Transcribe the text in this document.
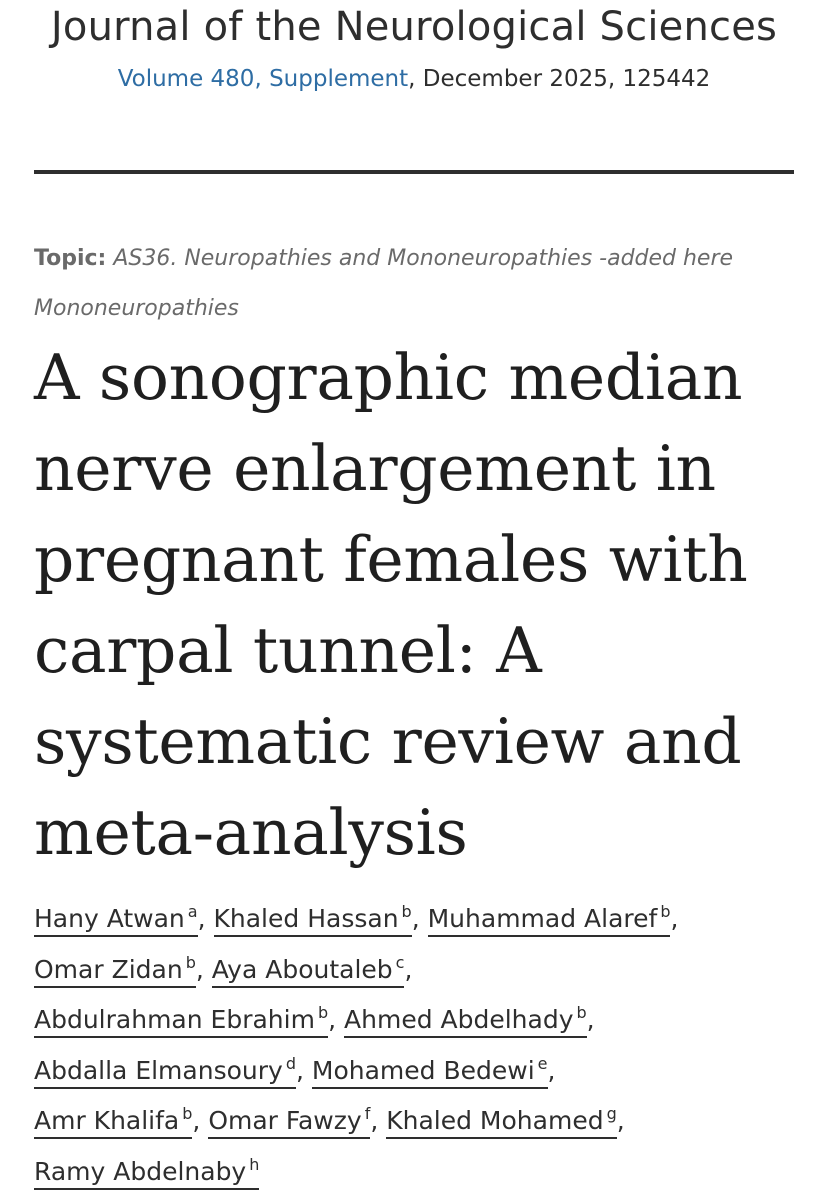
Journal of the Neurological Sciences
Volume 480, Supplement, December 2025, 125442
Topic: AS36. Neuropathies and Mononeuropathies -added here
Mononeuropathies
A sonographic median nerve enlargement in pregnant females with carpal tunnel: A systematic review and meta-analysis
Hany Atwan $^a$, Khaled Hassan $^b$, Muhammad Alaref $^b$,
Omar Zidan $^b$, Aya Aboutaleb $^c$,
Abdulrahman Ebrahim $^b$, Ahmed Abdelhady $^b$,
Abdalla Elmansoury $^d$, Mohamed Bedewi $^e$,
Amr Khalifa $^b$, Omar Fawzy $^f$, Khaled Mohamed $^g$,
Ramy Abdelnaby $^h$
